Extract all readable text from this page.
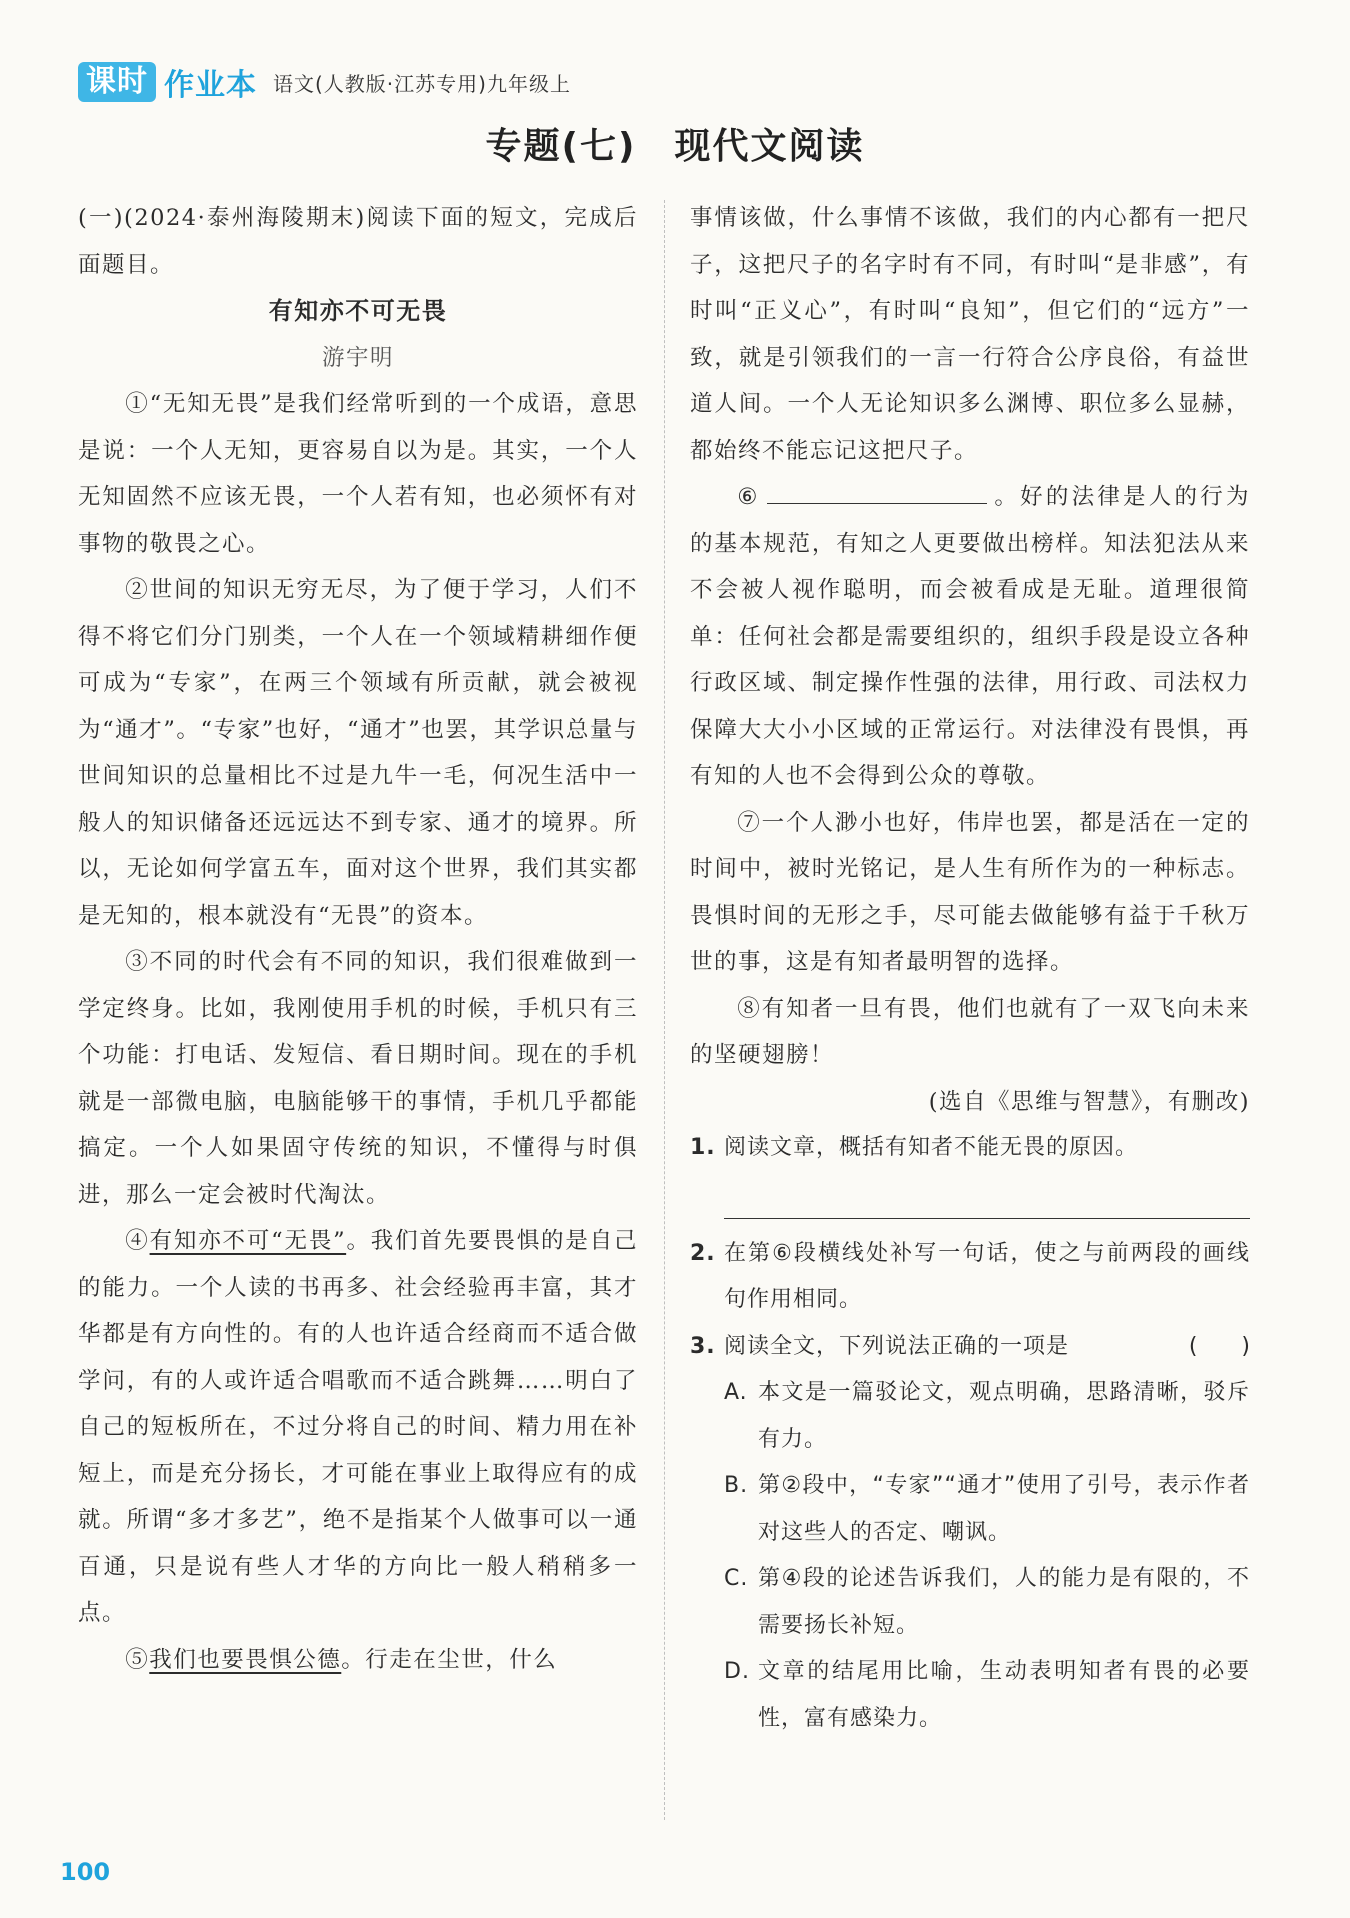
课时 作业本 语文(人教版·江苏专用)九年级上
专题(七)　现代文阅读

(一)(2024·泰州海陵期末)阅读下面的短文，完成后面题目。

有知亦不可无畏

游宇明

①“无知无畏”是我们经常听到的一个成语，意思是说：一个人无知，更容易自以为是。其实，一个人无知固然不应该无畏，一个人若有知，也必须怀有对事物的敬畏之心。

②世间的知识无穷无尽，为了便于学习，人们不得不将它们分门别类，一个人在一个领域精耕细作便可成为“专家”，在两三个领域有所贡献，就会被视为“通才”。“专家”也好，“通才”也罢，其学识总量与世间知识的总量相比不过是九牛一毛，何况生活中一般人的知识储备还远远达不到专家、通才的境界。所以，无论如何学富五车，面对这个世界，我们其实都是无知的，根本就没有“无畏”的资本。

③不同的时代会有不同的知识，我们很难做到一学定终身。比如，我刚使用手机的时候，手机只有三个功能：打电话、发短信、看日期时间。现在的手机就是一部微电脑，电脑能够干的事情，手机几乎都能搞定。一个人如果固守传统的知识，不懂得与时俱进，那么一定会被时代淘汰。

④有知亦不可“无畏”。我们首先要畏惧的是自己的能力。一个人读的书再多、社会经验再丰富，其才华都是有方向性的。有的人也许适合经商而不适合做学问，有的人或许适合唱歌而不适合跳舞……明白了自己的短板所在，不过分将自己的时间、精力用在补短上，而是充分扬长，才可能在事业上取得应有的成就。所谓“多才多艺”，绝不是指某个人做事可以一通百通，只是说有些人才华的方向比一般人稍稍多一点。

⑤我们也要畏惧公德。行走在尘世，什么

事情该做，什么事情不该做，我们的内心都有一把尺子，这把尺子的名字时有不同，有时叫“是非感”，有时叫“正义心”，有时叫“良知”，但它们的“远方”一致，就是引领我们的一言一行符合公序良俗，有益世道人间。一个人无论知识多么渊博、职位多么显赫，都始终不能忘记这把尺子。

⑥	。好的法律是人的行为的基本规范，有知之人更要做出榜样。知法犯法从来不会被人视作聪明，而会被看成是无耻。道理很简单：任何社会都是需要组织的，组织手段是设立各种行政区域、制定操作性强的法律，用行政、司法权力保障大大小小区域的正常运行。对法律没有畏惧，再有知的人也不会得到公众的尊敬。

⑦一个人渺小也好，伟岸也罢，都是活在一定的时间中，被时光铭记，是人生有所作为的一种标志。畏惧时间的无形之手，尽可能去做能够有益于千秋万世的事，这是有知者最明智的选择。

⑧有知者一旦有畏，他们也就有了一双飞向未来的坚硬翅膀！

(选自《思维与智慧》，有删改)

1. 阅读文章，概括有知者不能无畏的原因。
2. 在第⑥段横线处补写一句话，使之与前两段的画线句作用相同。
3. 阅读全文，下列说法正确的一项是	(　　)
A. 本文是一篇驳论文，观点明确，思路清晰，驳斥有力。
B. 第②段中，“专家”“通才”使用了引号，表示作者对这些人的否定、嘲讽。
C. 第④段的论述告诉我们，人的能力是有限的，不需要扬长补短。
D. 文章的结尾用比喻，生动表明知者有畏的必要性，富有感染力。
100
